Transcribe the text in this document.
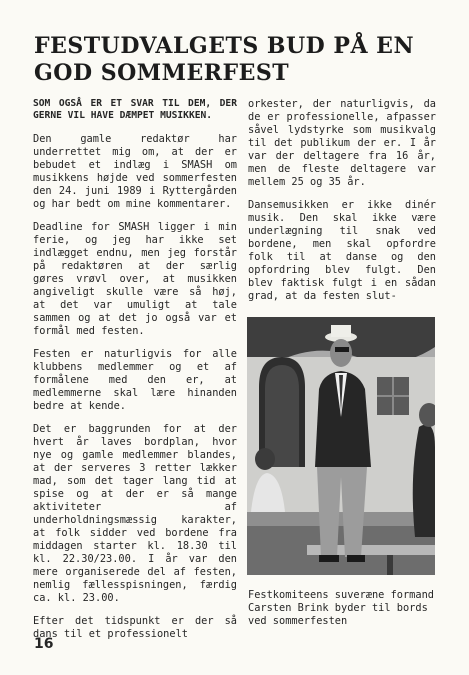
FESTUDVALGETS BUD PÅ EN GOD SOMMERFEST

SOM OGSÅ ER ET SVAR TIL DEM, DER GERNE VIL HAVE DÆMPET MUSIKKEN.

Den gamle redaktør har underrettet mig om, at der er bebudet et indlæg i SMASH om musikkens højde ved sommerfesten den 24. juni 1989 i Ryttergården og har bedt om mine kommentarer.

Deadline for SMASH ligger i min ferie, og jeg har ikke set indlægget endnu, men jeg forstår på redaktøren at der særlig gøres vrøvl over, at musikken angiveligt skulle være så høj, at det var umuligt at tale sammen og at det jo også var et formål med festen.

Festen er naturligvis for alle klubbens medlemmer og et af formålene med den er, at medlemmerne skal lære hinanden bedre at kende.

Det er baggrunden for at der hvert år laves bordplan, hvor nye og gamle medlemmer blandes, at der serveres 3 retter lækker mad, som det tager lang tid at spise og at der er så mange aktiviteter af underholdningsmæssig karakter, at folk sidder ved bordene fra middagen starter kl. 18.30 til kl. 22.30/23.00. I år var den mere organiserede del af festen, nemlig fællesspisningen, færdig ca. kl. 23.00.

Efter det tidspunkt er der så dans til et professionelt

orkester, der naturligvis, da de er professionelle, afpasser såvel lydstyrke som musikvalg til det publikum der er. I år var der deltagere fra 16 år, men de fleste deltagere var mellem 25 og 35 år.

Dansemusikken er ikke dinér musik. Den skal ikke være underlægning til snak ved bordene, men skal opfordre folk til at danse og den opfordring blev fulgt. Den blev faktisk fulgt i en sådan grad, at da festen slut-

Festkomiteens suveræne formand Carsten Brink byder til bords ved sommerfesten

16
